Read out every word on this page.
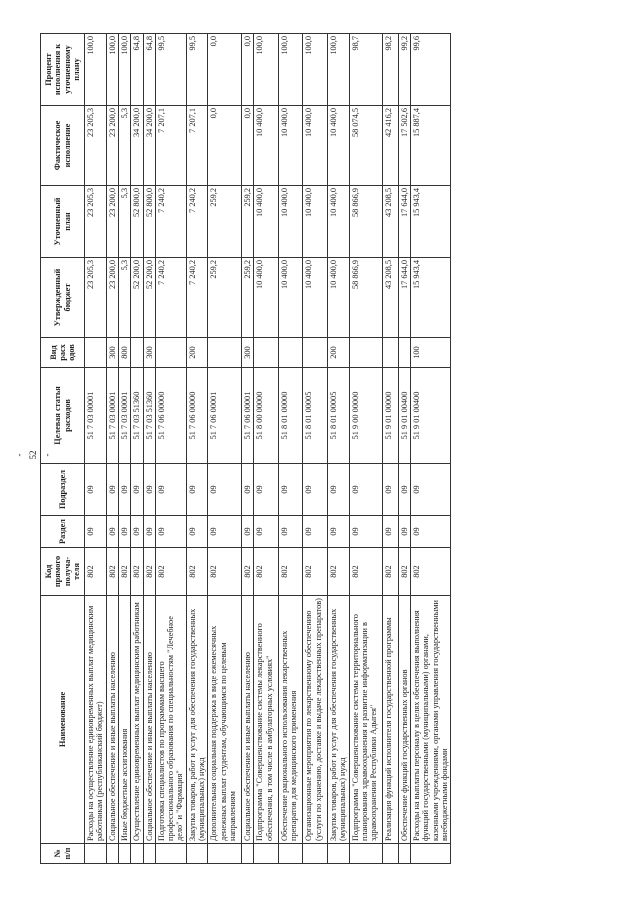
- 52 -
№ п/п	Наименование	Код прямого получа-теля	Раздел	Подраздел	Целевая статья расходов	Вид расх одов	Утвержденный бюджет	Уточненный план	Фактическое исполнение	Процент исполнения к уточненному плану
	Расходы на осуществление единовременных выплат медицинским работникам (республиканский бюджет)	802	09	09	51 7 03 00001		23 205,3	23 205,3	23 205,3	100,0
	Социальное обеспечение и иные выплаты населению	802	09	09	51 7 03 00001	300	23 200,0	23 200,0	23 200,0	100,0
	Иные бюджетные ассигнования	802	09	09	51 7 03 00001	800	5,3	5,3	5,3	100,0
	Осуществление единовременных выплат медицинским работникам	802	09	09	51 7 03 51360		52 200,0	52 800,0	34 200,0	64,8
	Социальное обеспечение и иные выплаты населению	802	09	09	51 7 03 51360	300	52 200,0	52 800,0	34 200,0	64,8
	Подготовка специалистов по программам высшего профессионального образования по специальностям "Лечебное дело" и "Фармация"	802	09	09	51 7 06 00000		7 240,2	7 240,2	7 207,1	99,5
	Закупка товаров, работ и услуг для обеспечения государственных (муниципальных) нужд	802	09	09	51 7 06 00000	200	7 240,2	7 240,2	7 207,1	99,5
	Дополнительная социальная поддержка в виде ежемесячных денежных выплат студентам, обучающимся по целевым направлениям	802	09	09	51 7 06 00001		259,2	259,2	0,0	0,0
	Социальное обеспечение и иные выплаты населению	802	09	09	51 7 06 00001	300	259,2	259,2	0,0	0,0
	Подпрограмма "Совершенствование системы лекарственного обеспечения, в том числе в амбулаторных условиях"	802	09	09	51 8 00 00000		10 400,0	10 400,0	10 400,0	100,0
	Обеспечение рационального использования лекарственных препаратов для медицинского применения	802	09	09	51 8 01 00000		10 400,0	10 400,0	10 400,0	100,0
	Организационные мероприятия по лекарственному обеспечению (услуги по хранению, доставке и выдаче лекарственных препаратов)	802	09	09	51 8 01 00005		10 400,0	10 400,0	10 400,0	100,0
	Закупка товаров, работ и услуг для обеспечения государственных (муниципальных) нужд	802	09	09	51 8 01 00005	200	10 400,0	10 400,0	10 400,0	100,0
	Подпрограмма "Совершенствование системы территориального планирования здравоохранения и развитие информатизации в здравоохранении Республики Адыгея"	802	09	09	51 9 00 00000		58 866,9	58 866,9	58 074,5	98,7
	Реализация функций исполнителя государственной программы	802	09	09	51 9 01 00000		43 208,5	43 208,5	42 416,2	98,2
	Обеспечение функций государственных органов	802	09	09	51 9 01 00400		17 644,0	17 644,0	17 502,6	99,2
	Расходы на выплаты персоналу в целях обеспечения выполнения функций государственными (муниципальными) органами, казенными учреждениями, органами управления государственными внебюджетными фондами	802	09	09	51 9 01 00400	100	15 943,4	15 943,4	15 887,4	99,6
